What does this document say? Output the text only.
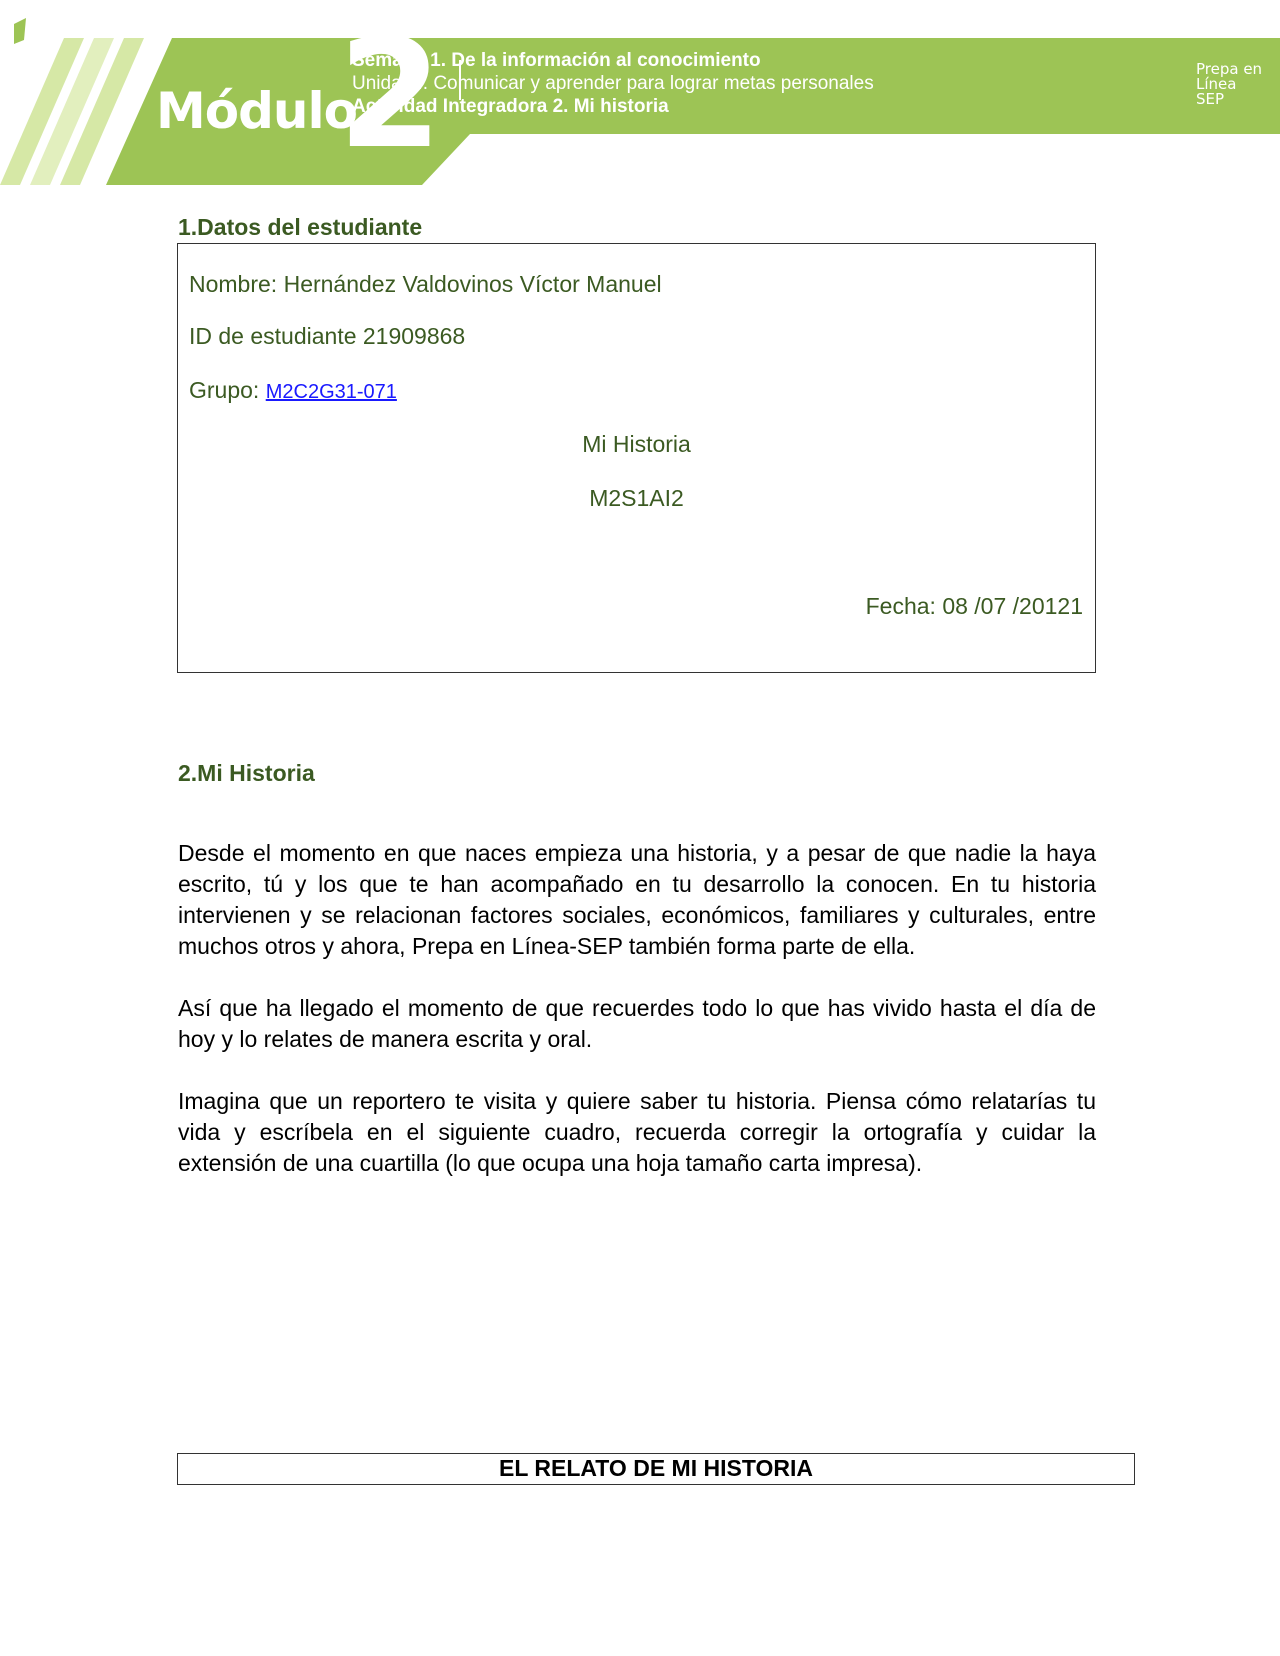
Módulo
2
Semana 1. De la información al conocimiento
Unidad I. Comunicar y aprender para lograr metas personales
Actividad Integradora 2. Mi historia
Prepa en
Línea
SEP
1.Datos del estudiante
Nombre: Hernández Valdovinos Víctor Manuel
ID de estudiante 21909868
Grupo: M2C2G31-071
Mi Historia
M2S1AI2
Fecha: 08 /07 /20121
2.Mi Historia

Desde el momento en que naces empieza una historia, y a pesar de que nadie la haya escrito, tú y los que te han acompañado en tu desarrollo la conocen. En tu historia intervienen y se relacionan factores sociales, económicos, familiares y culturales, entre muchos otros y ahora, Prepa en Línea-SEP también forma parte de ella.

Así que ha llegado el momento de que recuerdes todo lo que has vivido hasta el día de hoy y lo relates de manera escrita y oral.

Imagina que un reportero te visita y quiere saber tu historia. Piensa cómo relatarías tu vida y escríbela en el siguiente cuadro, recuerda corregir la ortografía y cuidar la extensión de una cuartilla (lo que ocupa una hoja tamaño carta impresa).

EL RELATO DE MI HISTORIA
